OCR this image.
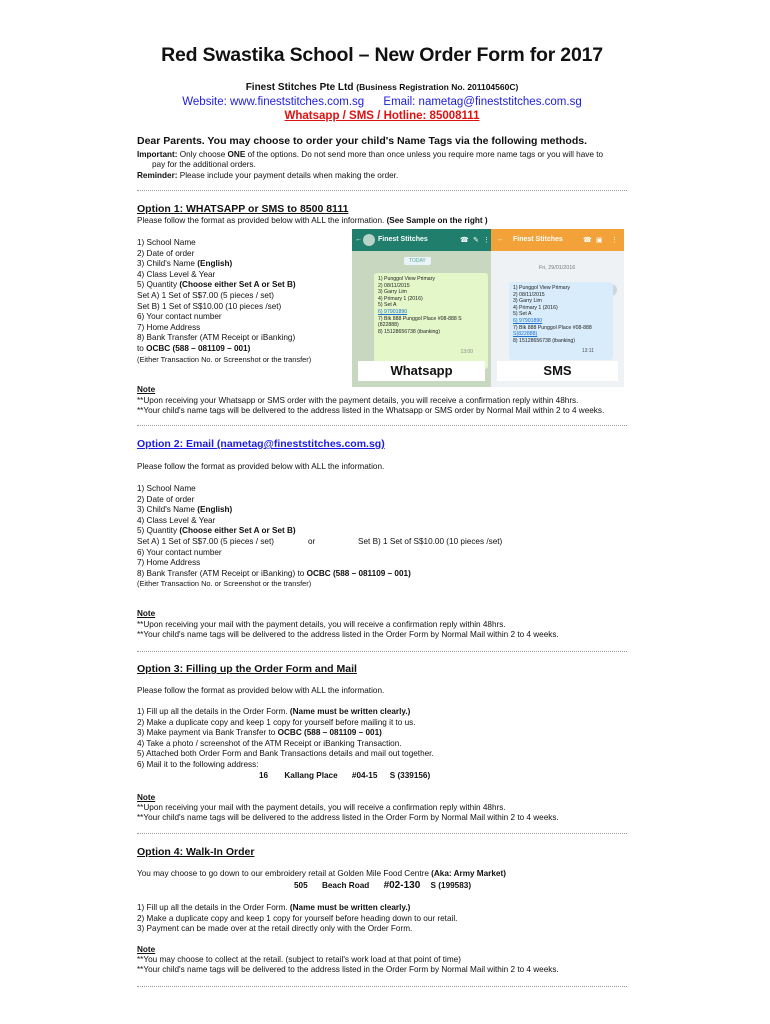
Red Swastika School – New Order Form for 2017
Finest Stitches Pte Ltd (Business Registration No. 201104560C)
Website: www.fineststitches.com.sg Email: nametag@fineststitches.com.sg
Whatsapp / SMS / Hotline: 85008111
Dear Parents. You may choose to order your child's Name Tags via the following methods.
Important: Only choose ONE of the options. Do not send more than once unless you require more name tags or you will have to
pay for the additional orders.
Reminder: Please include your payment details when making the order.
Option 1: WHATSAPP or SMS to 8500 8111
Please follow the format as provided below with ALL the information. (See Sample on the right )
1) School Name
2) Date of order
3) Child's Name (English)
4) Class Level & Year
5) Quantity (Choose either Set A or Set B)
Set A) 1 Set of S$7.00 (5 pieces / set)
Set B) 1 Set of S$10.00 (10 pieces /set)
6) Your contact number
7) Home Address
8) Bank Transfer (ATM Receipt or iBanking)
to OCBC (588 – 081109 – 001)
(Either Transaction No. or Screenshot or the transfer)
Note
**Upon receiving your Whatsapp or SMS order with the payment details, you will receive a confirmation reply within 48hrs.
**Your child's name tags will be delivered to the address listed in the Whatsapp or SMS order by Normal Mail within 2 to 4 weeks.
Option 2: Email (nametag@fineststitches.com.sg)
Please follow the format as provided below with ALL the information.
1) School Name
2) Date of order
3) Child's Name (English)
4) Class Level & Year
5) Quantity (Choose either Set A or Set B)
Set A) 1 Set of S$7.00 (5 pieces / set)	or	Set B) 1 Set of S$10.00 (10 pieces /set)
6) Your contact number
7) Home Address
8) Bank Transfer (ATM Receipt or iBanking) to OCBC (588 – 081109 – 001)
(Either Transaction No. or Screenshot or the transfer)
Note
**Upon receiving your mail with the payment details, you will receive a confirmation reply within 48hrs.
**Your child's name tags will be delivered to the address listed in the Order Form by Normal Mail within 2 to 4 weeks.
Option 3: Filling up the Order Form and Mail
Please follow the format as provided below with ALL the information.
1) Fill up all the details in the Order Form. (Name must be written clearly.)
2) Make a duplicate copy and keep 1 copy for yourself before mailing it to us.
3) Make payment via Bank Transfer to OCBC (588 – 081109 – 001)
4) Take a photo / screenshot of the ATM Receipt or iBanking Transaction.
5) Attached both Order Form and Bank Transactions details and mail out together.
6) Mail it to the following address:
16 Kallang Place #04-15 S (339156)
Note
**Upon receiving your mail with the payment details, you will receive a confirmation reply within 48hrs.
**Your child's name tags will be delivered to the address listed in the Order Form by Normal Mail within 2 to 4 weeks.
Option 4: Walk-In Order
You may choose to go down to our embroidery retail at Golden Mile Food Centre (Aka: Army Market)
505 Beach Road #02-130 S (199583)
1) Fill up all the details in the Order Form. (Name must be written clearly.)
2) Make a duplicate copy and keep 1 copy for yourself before heading down to our retail.
3) Payment can be made over at the retail directly only with the Order Form.
Note
**You may choose to collect at the retail. (subject to retail's work load at that point of time)
**Your child's name tags will be delivered to the address listed in the Order Form by Normal Mail within 2 to 4 weeks.
← Finest Stitches	☎ ✎ ⋮
TODAY
1) Punggol View Primary
2) 08/11/2015
3) Garry Lim
4) Primary 1 (2016)
5) Set A
6) 97901890
7) Blk 888 Punggol Place #08-888 S
(822888)
8) 15128656738 (ibanking)
13:00
Whatsapp
← Finest Stitches	☎ ▣ ⋮
Fri, 29/01/2016
1) Punggol View Primary
2) 08/11/2015
3) Garry Lim
4) Primary 1 (2016)
5) Set A
6) 97901890
7) Blk 888 Punggol Place #08-888
S(822888)
8) 15128656738 (ibanking)
13:11
SMS
